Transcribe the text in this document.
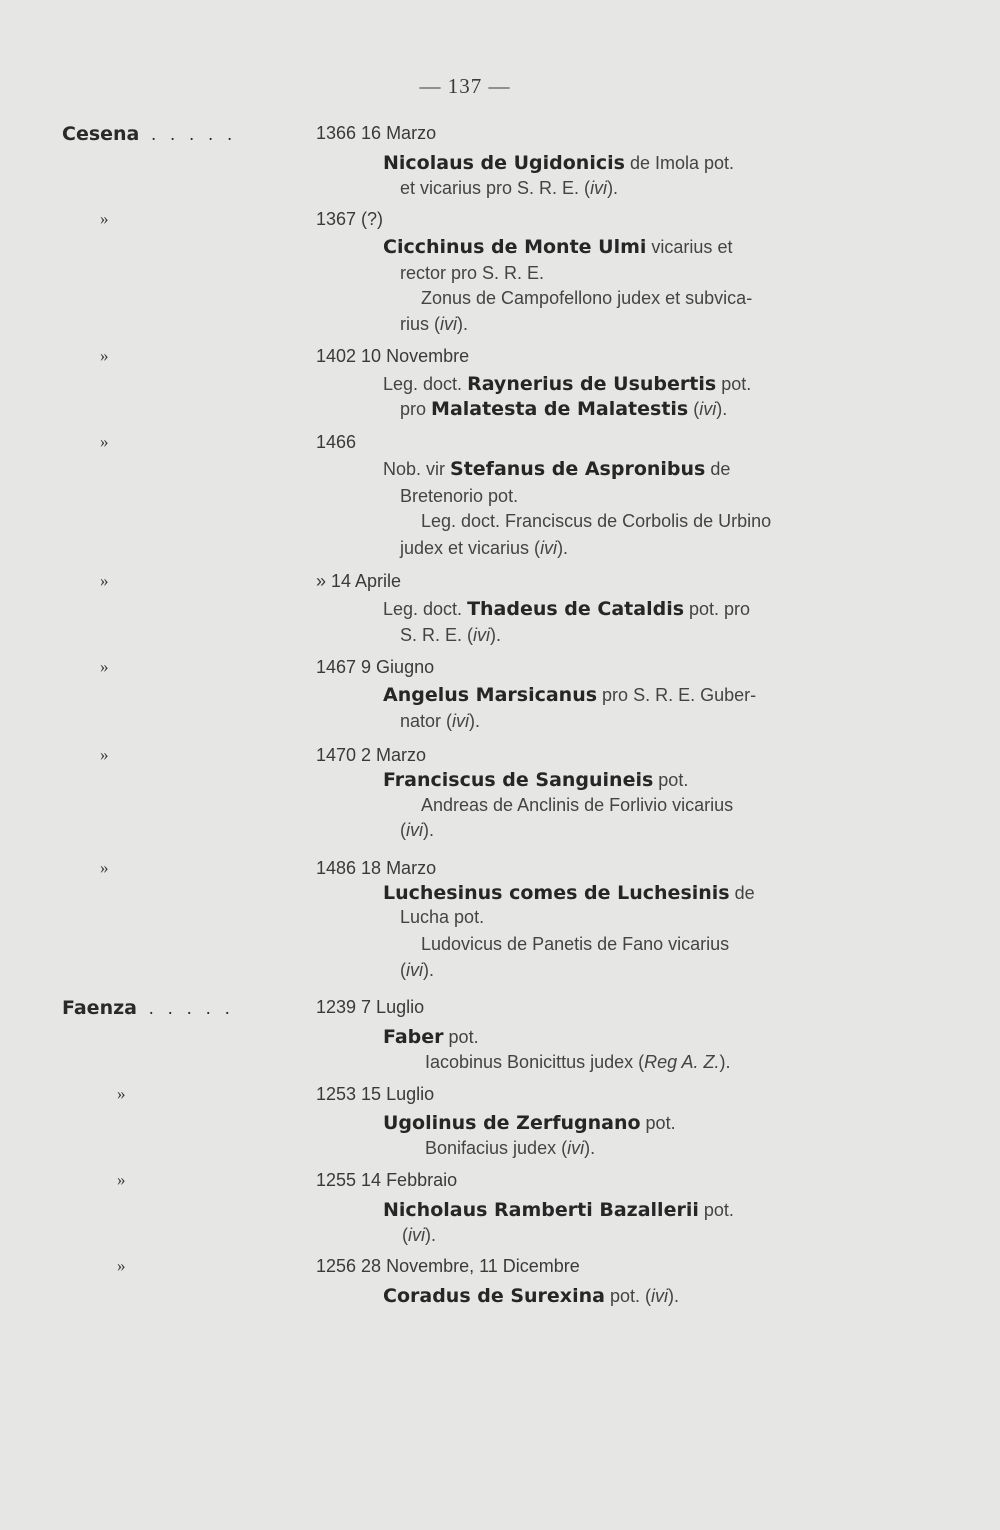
— 137 —
Cesena . . . . .	1366 16 Marzo
Nicolaus de Ugidonicis de Imola pot.
et vicarius pro S. R. E. (ivi).
»	1367 (?)
Cicchinus de Monte Ulmi vicarius et
rector pro S. R. E.
Zonus de Campofellono judex et subvica-
rius (ivi).
»	1402 10 Novembre
Leg. doct. Raynerius de Usubertis pot.
pro Malatesta de Malatestis (ivi).
»	1466
Nob. vir Stefanus de Aspronibus de
Bretenorio pot.
Leg. doct. Franciscus de Corbolis de Urbino
judex et vicarius (ivi).
»	» 14 Aprile
Leg. doct. Thadeus de Cataldis pot. pro
S. R. E. (ivi).
»	1467 9 Giugno
Angelus Marsicanus pro S. R. E. Guber-
nator (ivi).
»	1470 2 Marzo
Franciscus de Sanguineis pot.
Andreas de Anclinis de Forlivio vicarius
(ivi).
»	1486 18 Marzo
Luchesinus comes de Luchesinis de
Lucha pot.
Ludovicus de Panetis de Fano vicarius
(ivi).
Faenza . . . . .	1239 7 Luglio
Faber pot.
Iacobinus Bonicittus judex (Reg A. Z.).
»	1253 15 Luglio
Ugolinus de Zerfugnano pot.
Bonifacius judex (ivi).
»	1255 14 Febbraio
Nicholaus Ramberti Bazallerii pot.
(ivi).
»	1256 28 Novembre, 11 Dicembre
Coradus de Surexina pot. (ivi).
